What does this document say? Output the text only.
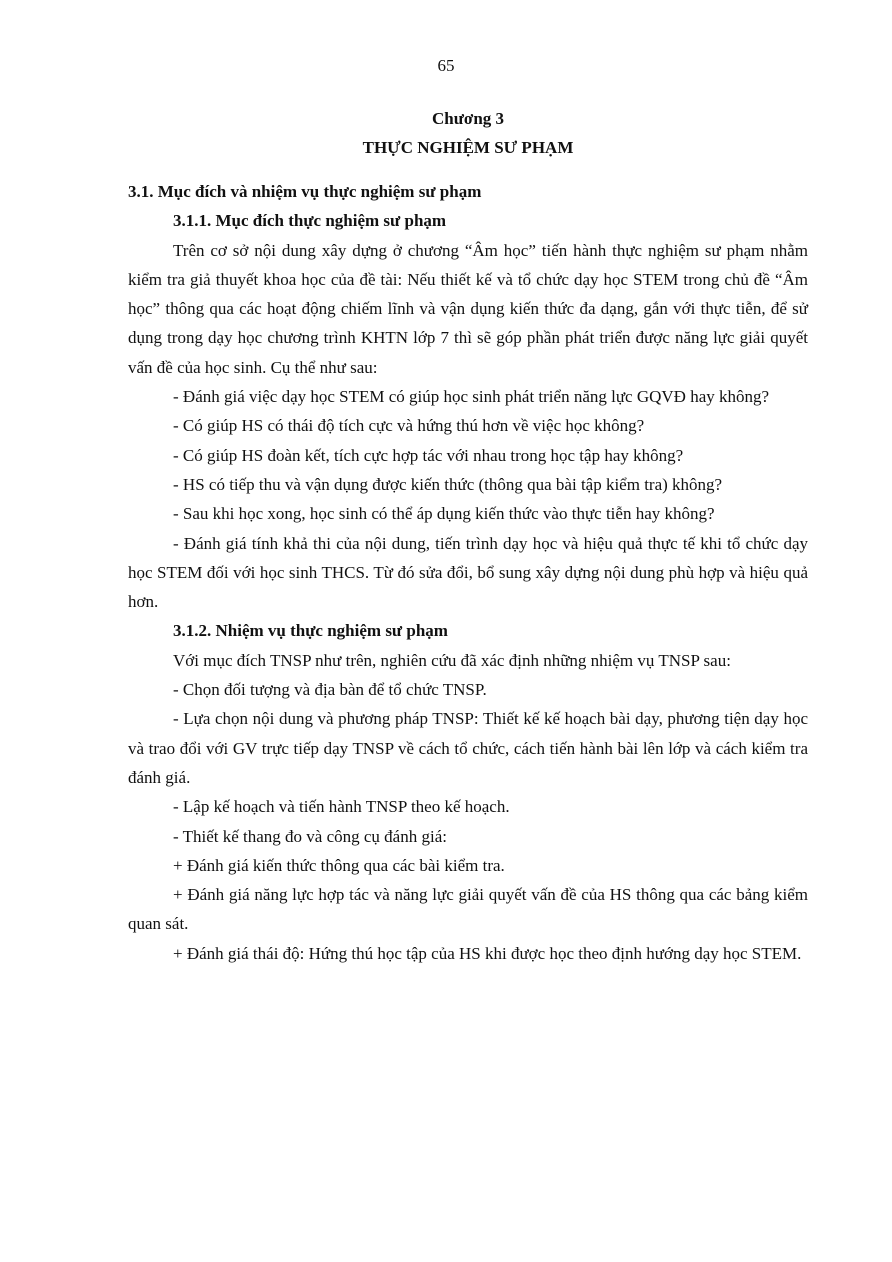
65
Chương 3
THỰC NGHIỆM SƯ PHẠM

3.1. Mục đích và nhiệm vụ thực nghiệm sư phạm

3.1.1. Mục đích thực nghiệm sư phạm

Trên cơ sở nội dung xây dựng ở chương “Âm học” tiến hành thực nghiệm sư phạm nhằm kiểm tra giả thuyết khoa học của đề tài: Nếu thiết kế và tổ chức dạy học STEM trong chủ đề “Âm học” thông qua các hoạt động chiếm lĩnh và vận dụng kiến thức đa dạng, gắn với thực tiễn, để sử dụng trong dạy học chương trình KHTN lớp 7 thì sẽ góp phần phát triển được năng lực giải quyết vấn đề của học sinh. Cụ thể như sau:

- Đánh giá việc dạy học STEM có giúp học sinh phát triển năng lực GQVĐ hay không?

- Có giúp HS có thái độ tích cực và hứng thú hơn về việc học không?

- Có giúp HS đoàn kết, tích cực hợp tác với nhau trong học tập hay không?

- HS có tiếp thu và vận dụng được kiến thức (thông qua bài tập kiểm tra) không?

- Sau khi học xong, học sinh có thể áp dụng kiến thức vào thực tiễn hay không?

- Đánh giá tính khả thi của nội dung, tiến trình dạy học và hiệu quả thực tế khi tổ chức dạy học STEM đối với học sinh THCS. Từ đó sửa đổi, bổ sung xây dựng nội dung phù hợp và hiệu quả hơn.

3.1.2. Nhiệm vụ thực nghiệm sư phạm

Với mục đích TNSP như trên, nghiên cứu đã xác định những nhiệm vụ TNSP sau:

- Chọn đối tượng và địa bàn để tổ chức TNSP.

- Lựa chọn nội dung và phương pháp TNSP: Thiết kế kế hoạch bài dạy, phương tiện dạy học và trao đổi với GV trực tiếp dạy TNSP về cách tổ chức, cách tiến hành bài lên lớp và cách kiểm tra đánh giá.

- Lập kế hoạch và tiến hành TNSP theo kế hoạch.

- Thiết kế thang đo và công cụ đánh giá:

+ Đánh giá kiến thức thông qua các bài kiểm tra.

+ Đánh giá năng lực hợp tác và năng lực giải quyết vấn đề của HS thông qua các bảng kiểm quan sát.

+ Đánh giá thái độ: Hứng thú học tập của HS khi được học theo định hướng dạy học STEM.
